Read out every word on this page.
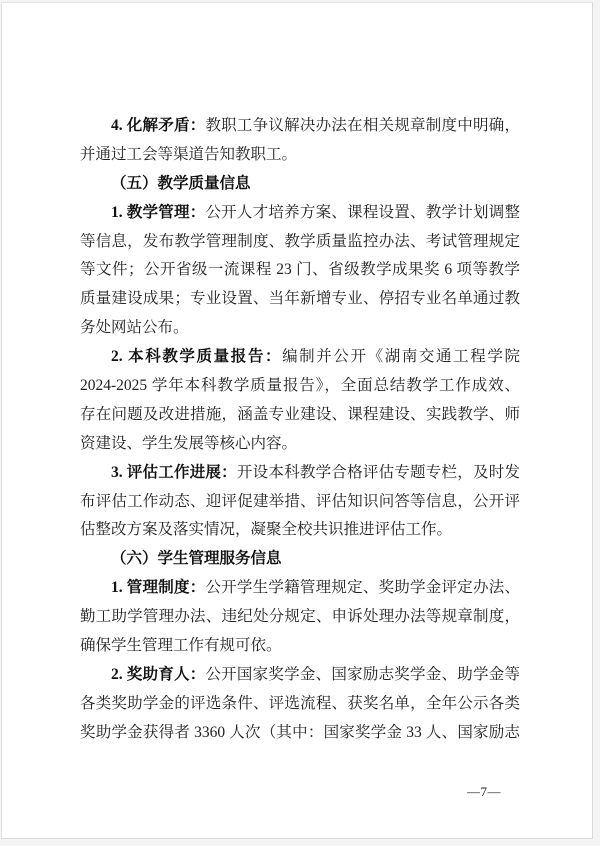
4. 化解矛盾：教职工争议解决办法在相关规章制度中明确，
并通过工会等渠道告知教职工。
（五）教学质量信息
1. 教学管理：公开人才培养方案、课程设置、教学计划调整
等信息，发布教学管理制度、教学质量监控办法、考试管理规定
等文件；公开省级一流课程 23 门、省级教学成果奖 6 项等教学
质量建设成果；专业设置、当年新增专业、停招专业名单通过教
务处网站公布。
2. 本科教学质量报告：编制并公开《湖南交通工程学院
2024-2025 学年本科教学质量报告》，全面总结教学工作成效、
存在问题及改进措施，涵盖专业建设、课程建设、实践教学、师
资建设、学生发展等核心内容。
3. 评估工作进展：开设本科教学合格评估专题专栏，及时发
布评估工作动态、迎评促建举措、评估知识问答等信息，公开评
估整改方案及落实情况，凝聚全校共识推进评估工作。
（六）学生管理服务信息
1. 管理制度：公开学生学籍管理规定、奖助学金评定办法、
勤工助学管理办法、违纪处分规定、申诉处理办法等规章制度，
确保学生管理工作有规可依。
2. 奖助育人：公开国家奖学金、国家励志奖学金、助学金等
各类奖助学金的评选条件、评选流程、获奖名单，全年公示各类
奖助学金获得者 3360 人次（其中：国家奖学金 33 人、国家励志
—7—
